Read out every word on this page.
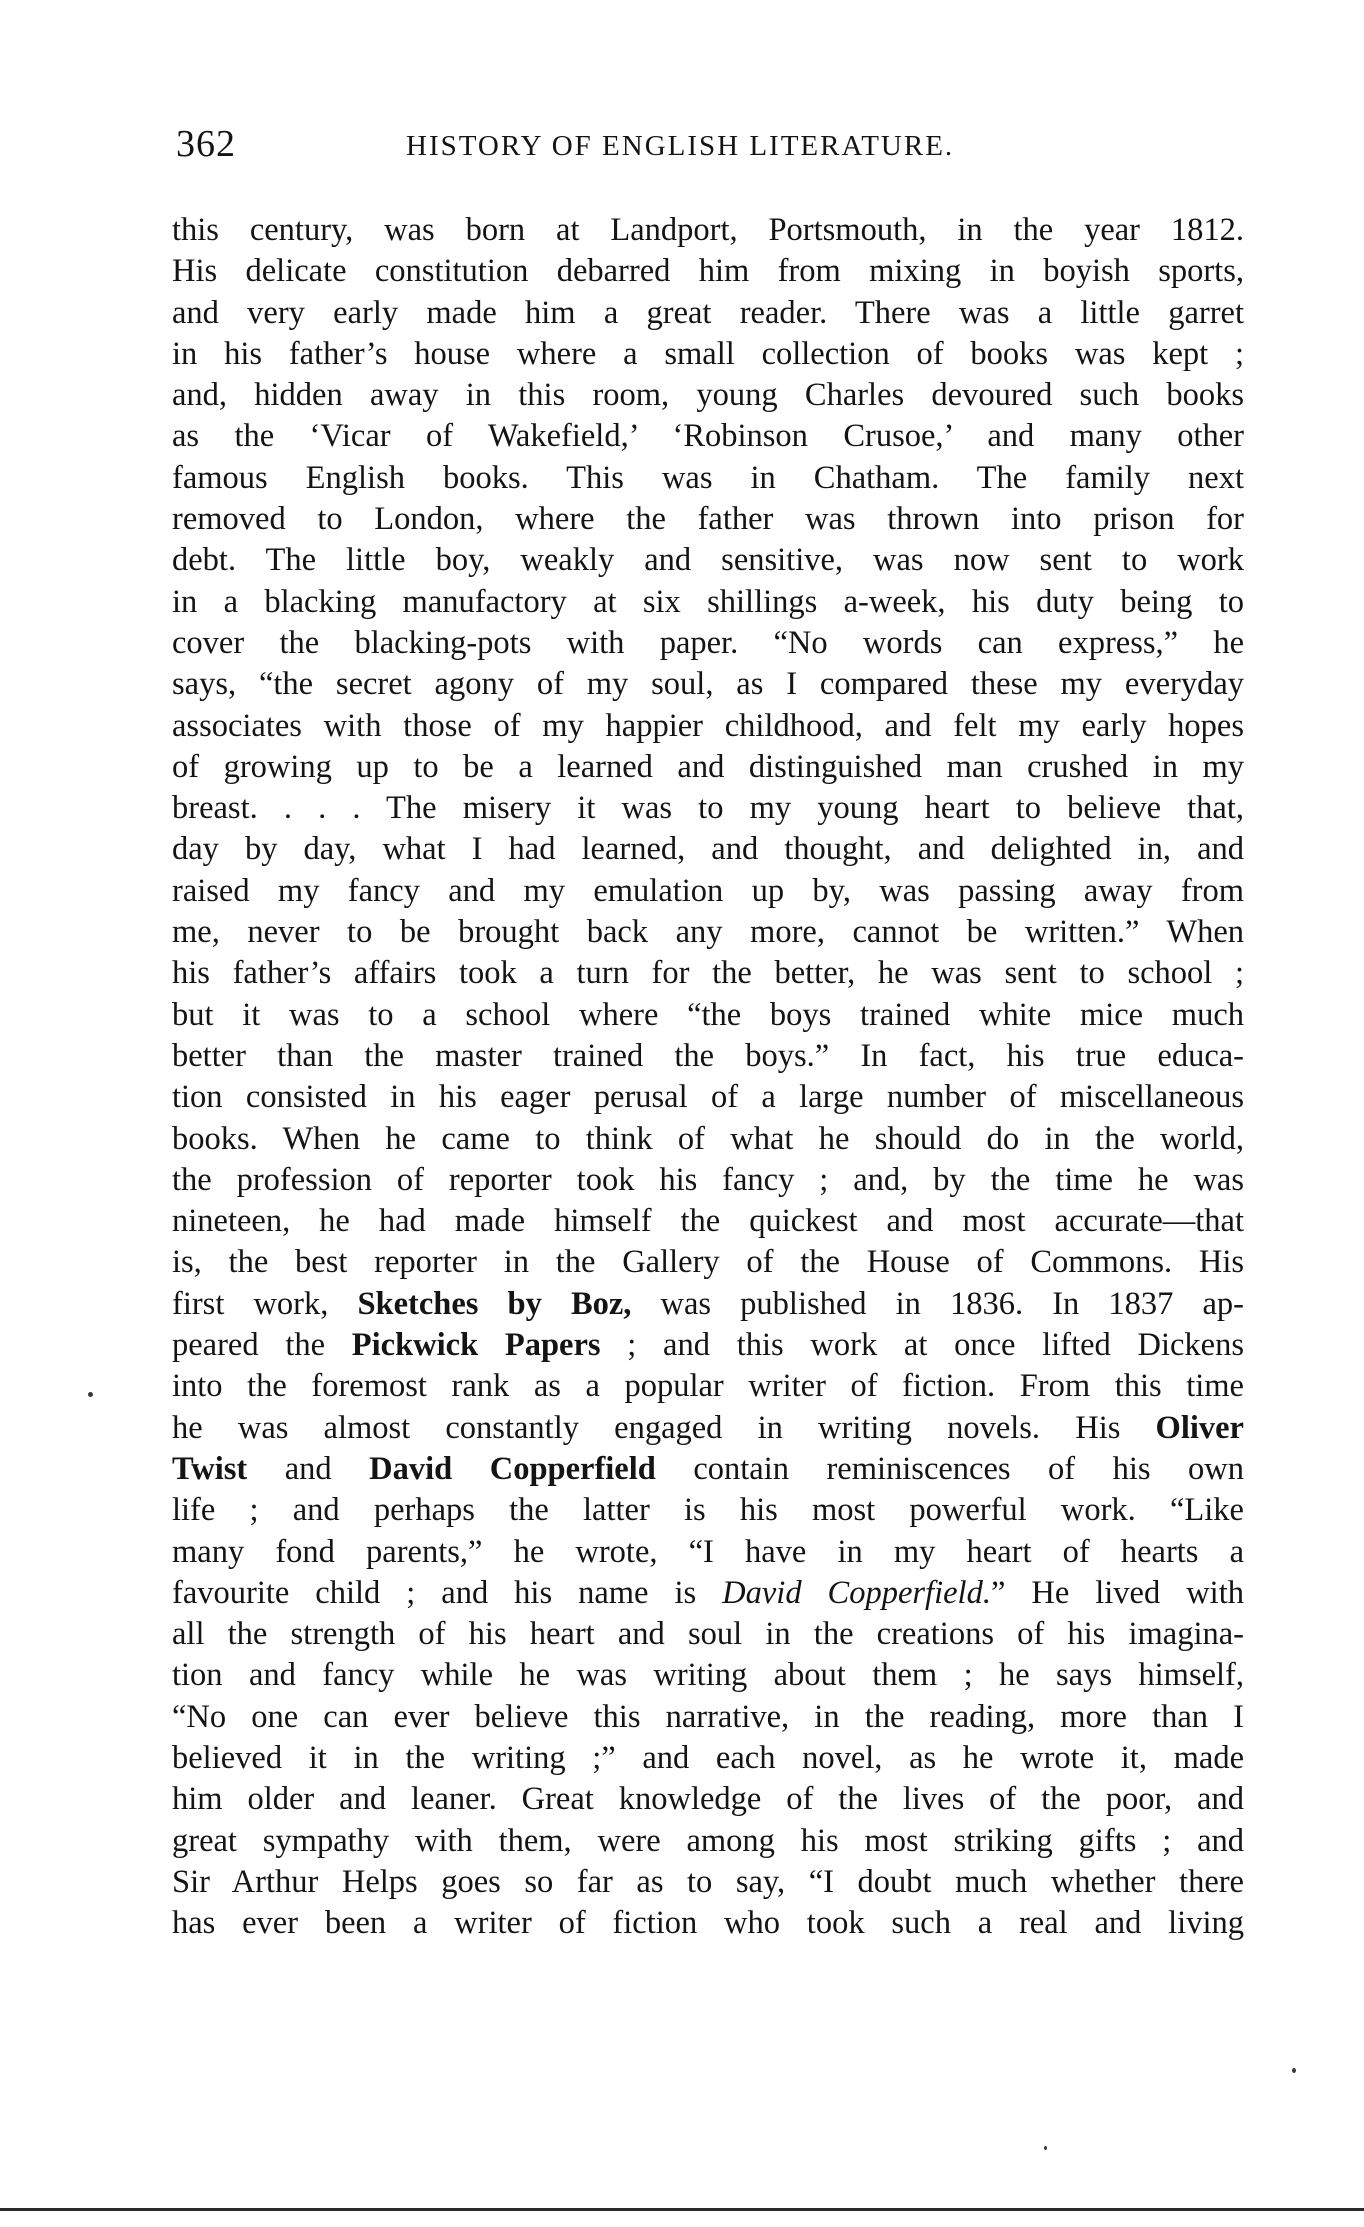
362	HISTORY OF ENGLISH LITERATURE.
this century, was born at Landport, Portsmouth, in the year 1812.
His delicate constitution debarred him from mixing in boyish sports,
and very early made him a great reader. There was a little garret
in his father’s house where a small collection of books was kept ;
and, hidden away in this room, young Charles devoured such books
as the ‘Vicar of Wakefield,’ ‘Robinson Crusoe,’ and many other
famous English books. This was in Chatham. The family next
removed to London, where the father was thrown into prison for
debt. The little boy, weakly and sensitive, was now sent to work
in a blacking manufactory at six shillings a-week, his duty being to
cover the blacking-pots with paper. “No words can express,” he
says, “the secret agony of my soul, as I compared these my everyday
associates with those of my happier childhood, and felt my early hopes
of growing up to be a learned and distinguished man crushed in my
breast. . . . The misery it was to my young heart to believe that,
day by day, what I had learned, and thought, and delighted in, and
raised my fancy and my emulation up by, was passing away from
me, never to be brought back any more, cannot be written.” When
his father’s affairs took a turn for the better, he was sent to school ;
but it was to a school where “the boys trained white mice much
better than the master trained the boys.” In fact, his true educa-
tion consisted in his eager perusal of a large number of miscellaneous
books. When he came to think of what he should do in the world,
the profession of reporter took his fancy ; and, by the time he was
nineteen, he had made himself the quickest and most accurate—that
is, the best reporter in the Gallery of the House of Commons. His
first work, Sketches by Boz, was published in 1836. In 1837 ap-
peared the Pickwick Papers ; and this work at once lifted Dickens
into the foremost rank as a popular writer of fiction. From this time
he was almost constantly engaged in writing novels. His Oliver
Twist and David Copperfield contain reminiscences of his own
life ; and perhaps the latter is his most powerful work. “Like
many fond parents,” he wrote, “I have in my heart of hearts a
favourite child ; and his name is David Copperfield.” He lived with
all the strength of his heart and soul in the creations of his imagina-
tion and fancy while he was writing about them ; he says himself,
“No one can ever believe this narrative, in the reading, more than I
believed it in the writing ;” and each novel, as he wrote it, made
him older and leaner. Great knowledge of the lives of the poor, and
great sympathy with them, were among his most striking gifts ; and
Sir Arthur Helps goes so far as to say, “I doubt much whether there
has ever been a writer of fiction who took such a real and living
